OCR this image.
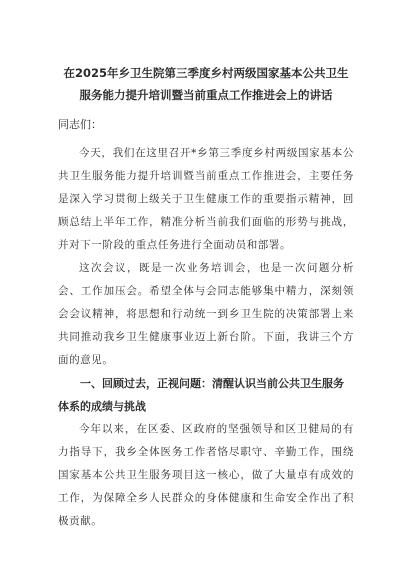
在2025年乡卫生院第三季度乡村两级国家基本公共卫生服务能力提升培训暨当前重点工作推进会上的讲话
同志们：

今天，我们在这里召开*乡第三季度乡村两级国家基本公共卫生服务能力提升培训暨当前重点工作推进会，主要任务是深入学习贯彻上级关于卫生健康工作的重要指示精神，回顾总结上半年工作，精准分析当前我们面临的形势与挑战，并对下一阶段的重点任务进行全面动员和部署。

这次会议，既是一次业务培训会，也是一次问题分析会、工作加压会。希望全体与会同志能够集中精力，深刻领会会议精神，将思想和行动统一到乡卫生院的决策部署上来共同推动我乡卫生健康事业迈上新台阶。下面，我讲三个方面的意见。

一、回顾过去，正视问题：清醒认识当前公共卫生服务体系的成绩与挑战

今年以来，在区委、区政府的坚强领导和区卫健局的有力指导下，我乡全体医务工作者恪尽职守、辛勤工作，围绕国家基本公共卫生服务项目这一核心，做了大量卓有成效的工作，为保障全乡人民群众的身体健康和生命安全作出了积极贡献。
